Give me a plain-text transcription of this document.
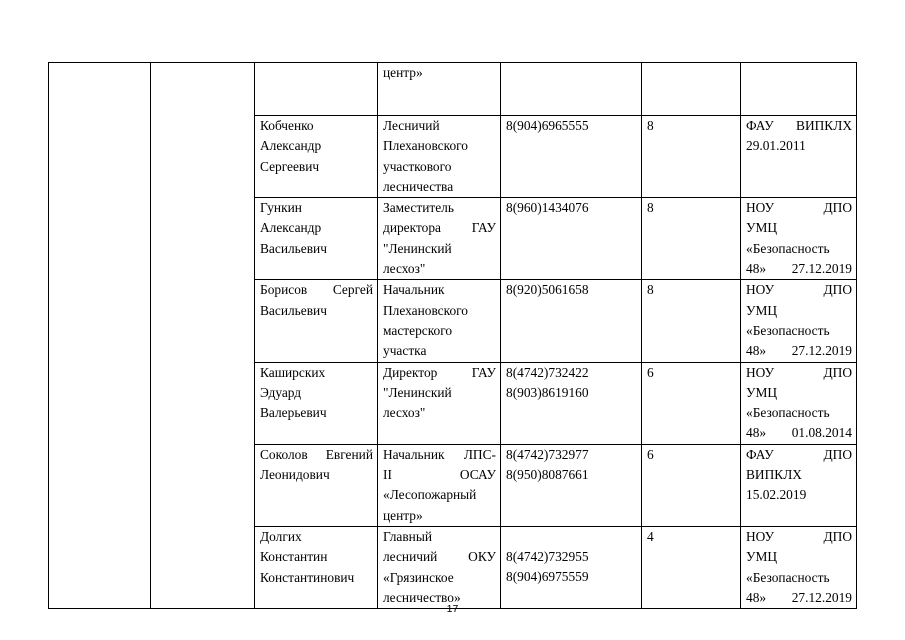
			центр»			

		Кобченко
Александр
Сергеевич	Лесничий
Плехановского
участкового
лесничества	8(904)6965555	8	ФАУ ВИПКЛХ
29.01.2011

		Гункин
Александр
Васильевич	Заместитель
директора ГАУ
"Ленинский
лесхоз"	8(960)1434076	8	НОУ ДПО
УМЦ
«Безопасность
48» 27.12.2019

		Борисов Сергей
Васильевич	Начальник
Плехановского
мастерского
участка	8(920)5061658	8	НОУ ДПО
УМЦ
«Безопасность
48» 27.12.2019

		Каширских
Эдуард
Валерьевич	Директор ГАУ
"Ленинский
лесхоз"	8(4742)732422
8(903)8619160	6	НОУ ДПО
УМЦ
«Безопасность
48» 01.08.2014

		Соколов Евгений
Леонидович	Начальник ЛПС-
II ОСАУ
«Лесопожарный
центр»	8(4742)732977
8(950)8087661	6	ФАУ ДПО
ВИПКЛХ
15.02.2019

		Долгих
Константин
Константинович	Главный
лесничий ОКУ
«Грязинское
лесничество»	8(4742)732955
8(904)6975559	4	НОУ ДПО
УМЦ
«Безопасность
48» 27.12.2019
17
